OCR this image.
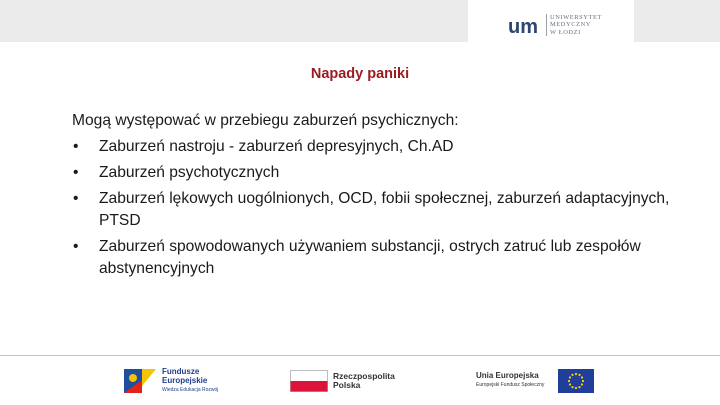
um UNIWERSYTET
MEDYCZNY
W ŁODZI
Napady paniki
Mogą występować w przebiegu zaburzeń psychicznych:
• Zaburzeń nastroju - zaburzeń depresyjnych, Ch.AD
• Zaburzeń psychotycznych
• Zaburzeń lękowych uogólnionych, OCD, fobii społecznej, zaburzeń adaptacyjnych, PTSD
• Zaburzeń spowodowanych używaniem substancji, ostrych zatruć lub zespołów abstynencyjnych
Fundusze
Europejskie
Wiedza Edukacja Rozwój
Rzeczpospolita
Polska
Unia Europejska
Europejski Fundusz Społeczny
